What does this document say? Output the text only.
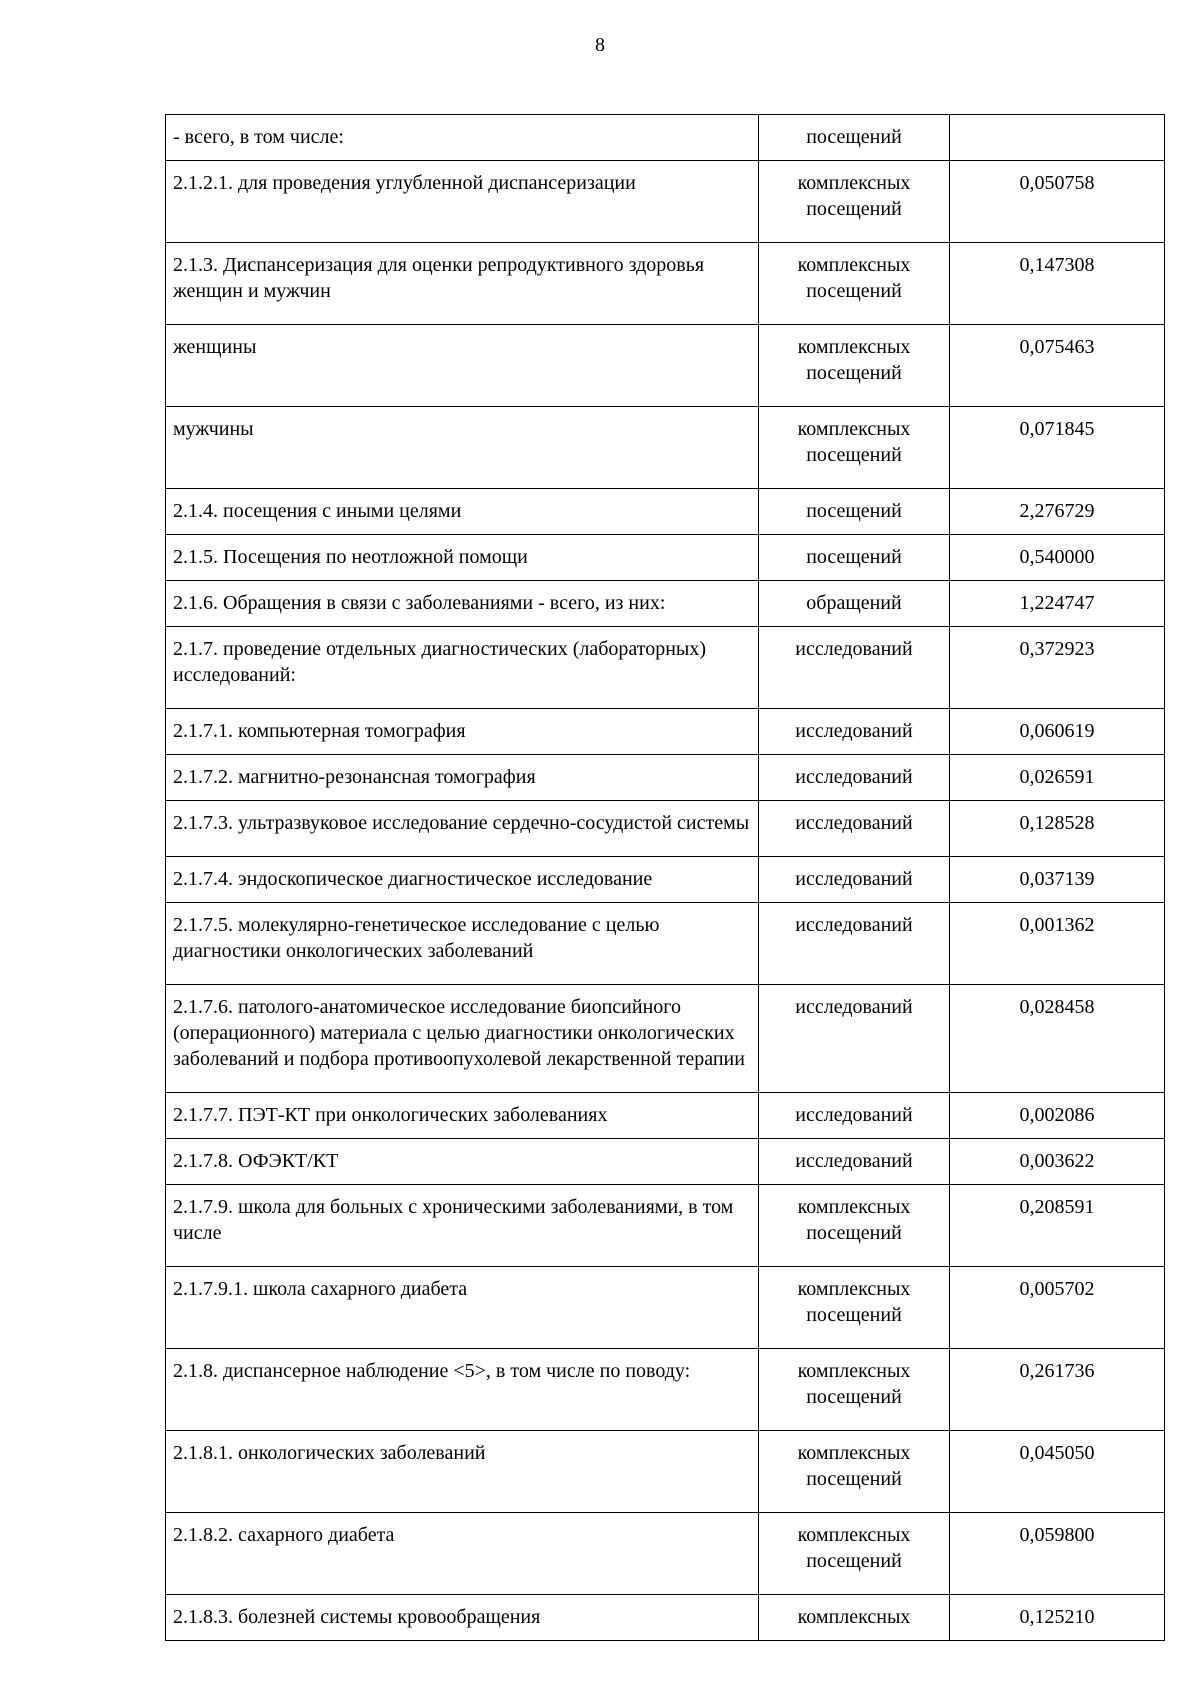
8
- всего, в том числе:	посещений	
2.1.2.1. для проведения углубленной диспансеризации	комплексных посещений	0,050758
2.1.3. Диспансеризация для оценки репродуктивного здоровья женщин и мужчин	комплексных посещений	0,147308
женщины	комплексных посещений	0,075463
мужчины	комплексных посещений	0,071845
2.1.4. посещения с иными целями	посещений	2,276729
2.1.5. Посещения по неотложной помощи	посещений	0,540000
2.1.6. Обращения в связи с заболеваниями - всего, из них:	обращений	1,224747
2.1.7. проведение отдельных диагностических (лабораторных) исследований:	исследований	0,372923
2.1.7.1. компьютерная томография	исследований	0,060619
2.1.7.2. магнитно-резонансная томография	исследований	0,026591
2.1.7.3. ультразвуковое исследование сердечно-сосудистой системы	исследований	0,128528
2.1.7.4. эндоскопическое диагностическое исследование	исследований	0,037139
2.1.7.5. молекулярно-генетическое исследование с целью диагностики онкологических заболеваний	исследований	0,001362
2.1.7.6. патолого-анатомическое исследование биопсийного (операционного) материала с целью диагностики онкологических заболеваний и подбора противоопухолевой лекарственной терапии	исследований	0,028458
2.1.7.7. ПЭТ-КТ при онкологических заболеваниях	исследований	0,002086
2.1.7.8. ОФЭКТ/КТ	исследований	0,003622
2.1.7.9. школа для больных с хроническими заболеваниями, в том числе	комплексных посещений	0,208591
2.1.7.9.1. школа сахарного диабета	комплексных посещений	0,005702
2.1.8. диспансерное наблюдение <5>, в том числе по поводу:	комплексных посещений	0,261736
2.1.8.1. онкологических заболеваний	комплексных посещений	0,045050
2.1.8.2. сахарного диабета	комплексных посещений	0,059800
2.1.8.3. болезней системы кровообращения	комплексных	0,125210
